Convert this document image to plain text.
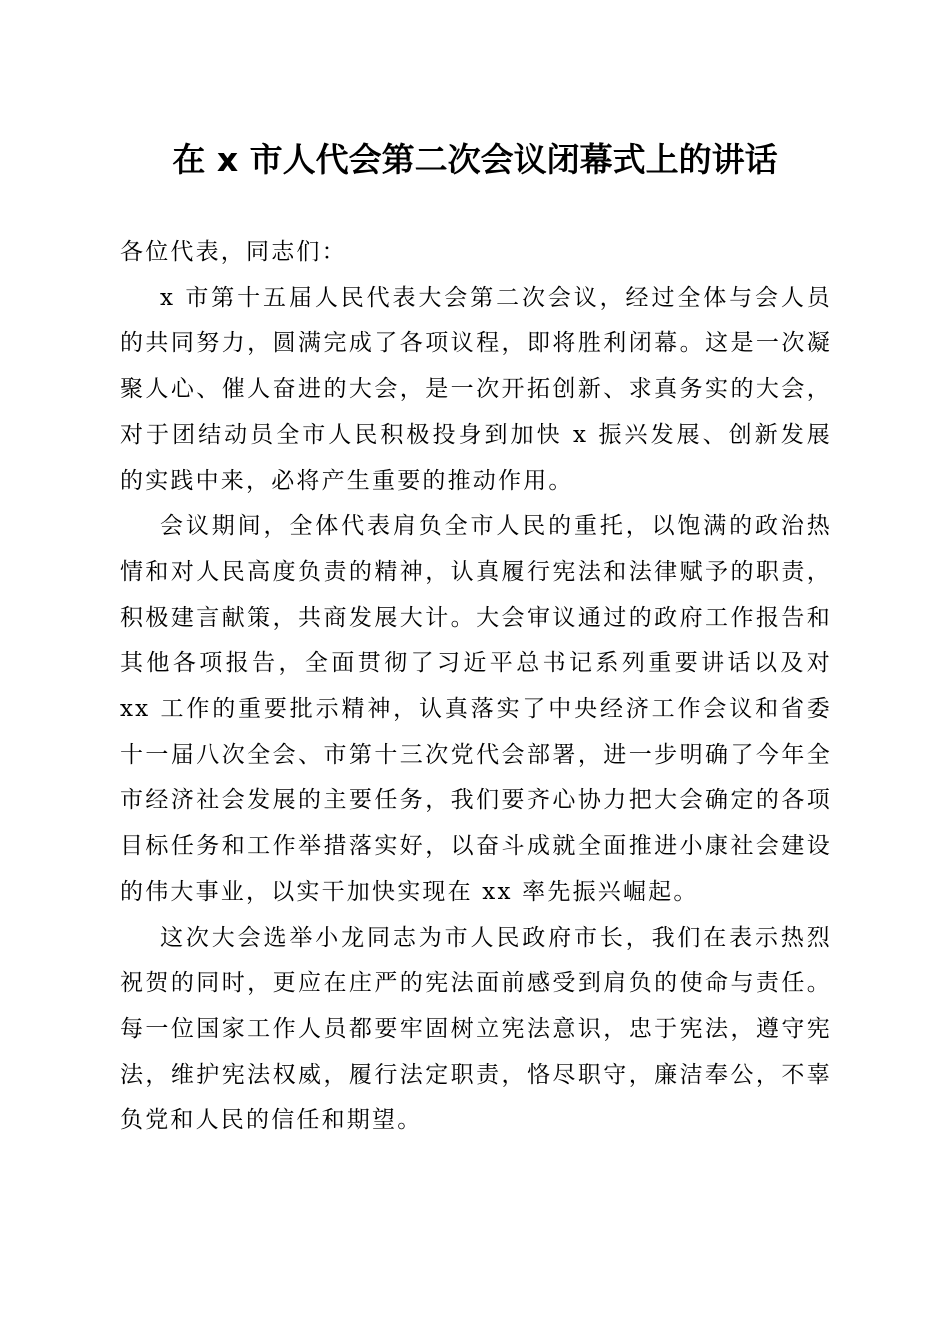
在 x 市人代会第二次会议闭幕式上的讲话

各位代表，同志们：

x 市第十五届人民代表大会第二次会议，经过全体与会人员的共同努力，圆满完成了各项议程，即将胜利闭幕。这是一次凝聚人心、催人奋进的大会，是一次开拓创新、求真务实的大会，对于团结动员全市人民积极投身到加快 x 振兴发展、创新发展的实践中来，必将产生重要的推动作用。

会议期间，全体代表肩负全市人民的重托，以饱满的政治热情和对人民高度负责的精神，认真履行宪法和法律赋予的职责，积极建言献策，共商发展大计。大会审议通过的政府工作报告和其他各项报告，全面贯彻了习近平总书记系列重要讲话以及对 xx 工作的重要批示精神，认真落实了中央经济工作会议和省委十一届八次全会、市第十三次党代会部署，进一步明确了今年全市经济社会发展的主要任务，我们要齐心协力把大会确定的各项目标任务和工作举措落实好，以奋斗成就全面推进小康社会建设的伟大事业，以实干加快实现在 xx 率先振兴崛起。

这次大会选举小龙同志为市人民政府市长，我们在表示热烈祝贺的同时，更应在庄严的宪法面前感受到肩负的使命与责任。每一位国家工作人员都要牢固树立宪法意识，忠于宪法，遵守宪法，维护宪法权威，履行法定职责，恪尽职守，廉洁奉公，不辜负党和人民的信任和期望。
